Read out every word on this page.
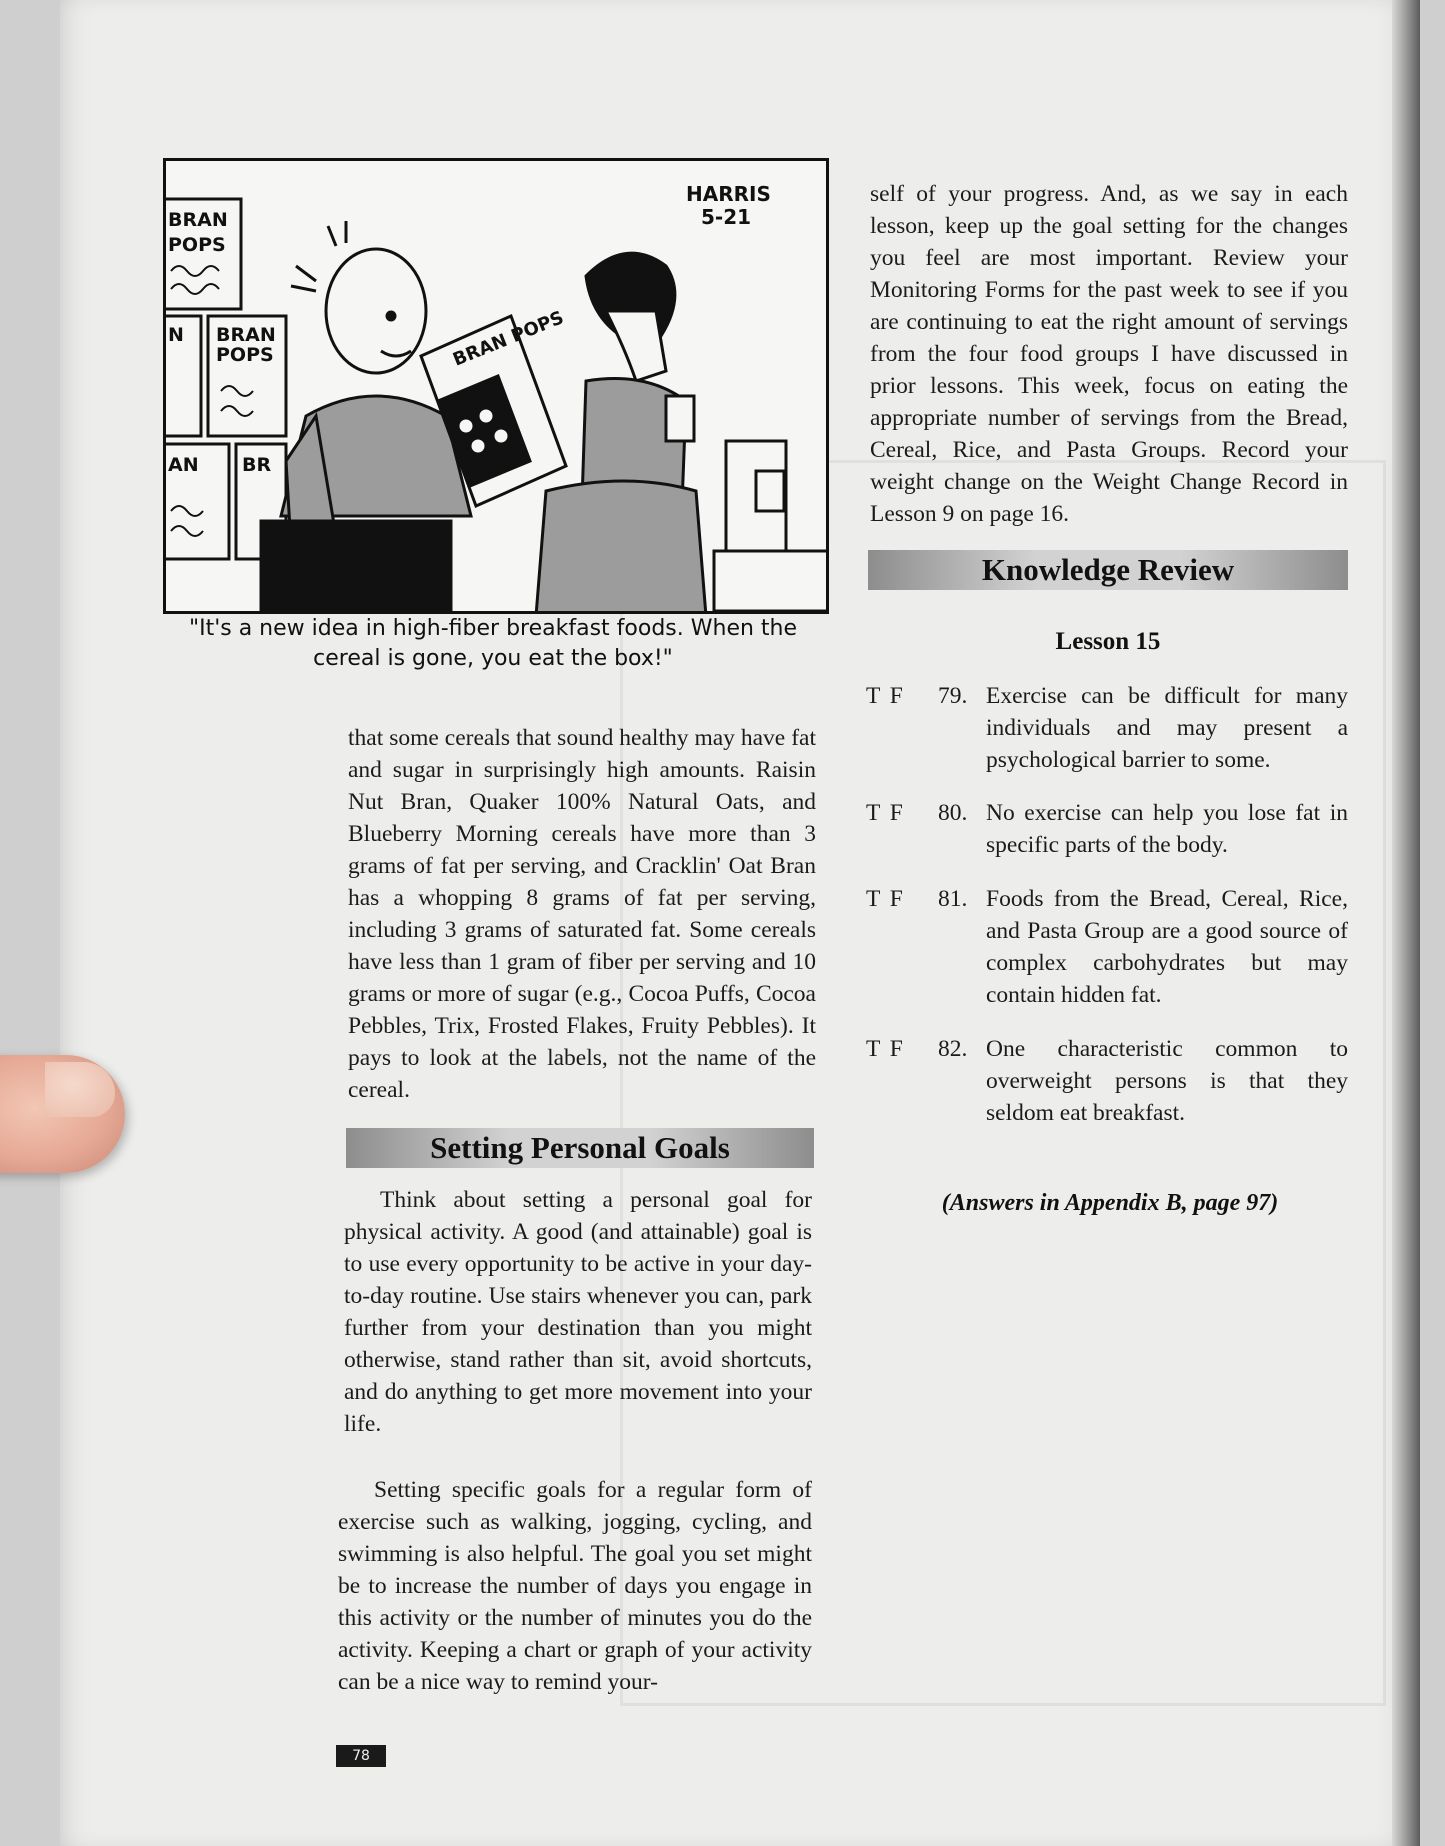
BRAN
POPS
N BRAN
POPS
AN BR
BRAN POPS
HARRIS
5-21
"It's a new idea in high-fiber breakfast foods. When the cereal is gone, you eat the box!"

that some cereals that sound healthy may have fat and sugar in surprisingly high amounts. Raisin Nut Bran, Quaker 100% Natural Oats, and Blueberry Morning cereals have more than 3 grams of fat per serving, and Cracklin' Oat Bran has a whopping 8 grams of fat per serving, including 3 grams of saturated fat. Some cereals have less than 1 gram of fiber per serving and 10 grams or more of sugar (e.g., Cocoa Puffs, Cocoa Pebbles, Trix, Frosted Flakes, Fruity Pebbles). It pays to look at the labels, not the name of the cereal.

Setting Personal Goals

Think about setting a personal goal for physical activity. A good (and attainable) goal is to use every opportunity to be active in your day-to-day routine. Use stairs whenever you can, park further from your destination than you might otherwise, stand rather than sit, avoid shortcuts, and do anything to get more movement into your life.

Setting specific goals for a regular form of exercise such as walking, jogging, cycling, and swimming is also helpful. The goal you set might be to increase the number of days you engage in this activity or the number of minutes you do the activity. Keeping a chart or graph of your activity can be a nice way to remind your-

self of your progress. And, as we say in each lesson, keep up the goal setting for the changes you feel are most important. Review your Monitoring Forms for the past week to see if you are continuing to eat the right amount of servings from the four food groups I have discussed in prior lessons. This week, focus on eating the appropriate number of servings from the Bread, Cereal, Rice, and Pasta Groups. Record your weight change on the Weight Change Record in Lesson 9 on page 16.

Knowledge Review
Lesson 15
T F	79. Exercise can be difficult for many individuals and may present a psychological barrier to some.
T F	80. No exercise can help you lose fat in specific parts of the body.
T F	81. Foods from the Bread, Cereal, Rice, and Pasta Group are a good source of complex carbohydrates but may contain hidden fat.
T F	82. One characteristic common to overweight persons is that they seldom eat breakfast.
(Answers in Appendix B, page 97)
78
